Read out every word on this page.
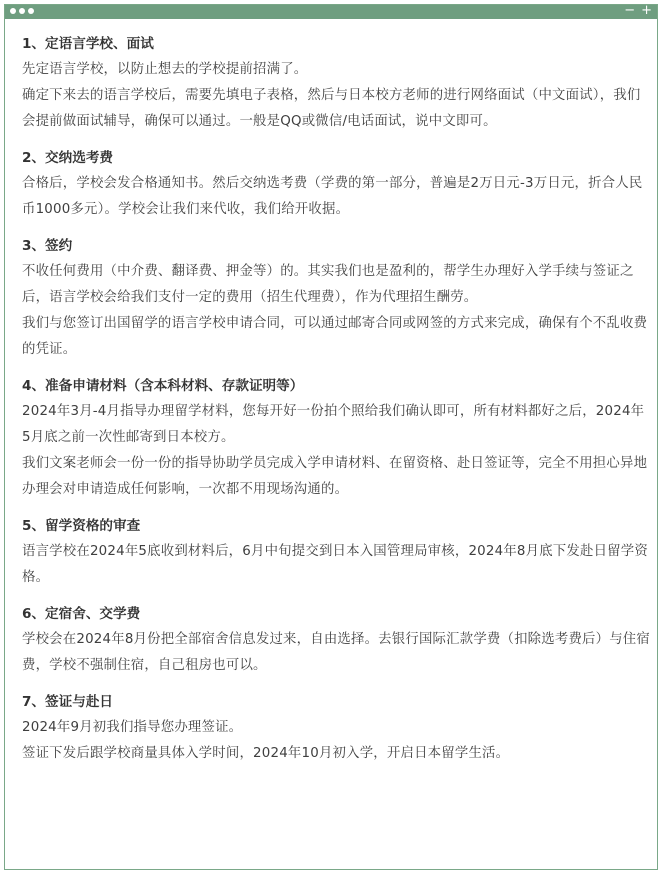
− +
1、定语言学校、面试

先定语言学校，以防止想去的学校提前招满了。

确定下来去的语言学校后，需要先填电子表格，然后与日本校方老师的进行网络面试（中文面试），我们会提前做面试辅导，确保可以通过。一般是QQ或微信/电话面试，说中文即可。

2、交纳选考费

合格后，学校会发合格通知书。然后交纳选考费（学费的第一部分，普遍是2万日元-3万日元，折合人民币1000多元）。学校会让我们来代收，我们给开收据。

3、签约

不收任何费用（中介费、翻译费、押金等）的。其实我们也是盈利的，帮学生办理好入学手续与签证之后，语言学校会给我们支付一定的费用（招生代理费），作为代理招生酬劳。

我们与您签订出国留学的语言学校申请合同，可以通过邮寄合同或网签的方式来完成，确保有个不乱收费的凭证。

4、准备申请材料（含本科材料、存款证明等）

2024年3月-4月指导办理留学材料，您每开好一份拍个照给我们确认即可，所有材料都好之后，2024年5月底之前一次性邮寄到日本校方。

我们文案老师会一份一份的指导协助学员完成入学申请材料、在留资格、赴日签证等，完全不用担心异地办理会对申请造成任何影响，一次都不用现场沟通的。

5、留学资格的审查

语言学校在2024年5底收到材料后，6月中旬提交到日本入国管理局审核，2024年8月底下发赴日留学资格。

6、定宿舍、交学费

学校会在2024年8月份把全部宿舍信息发过来，自由选择。去银行国际汇款学费（扣除选考费后）与住宿费，学校不强制住宿，自己租房也可以。

7、签证与赴日

2024年9月初我们指导您办理签证。

签证下发后跟学校商量具体入学时间，2024年10月初入学，开启日本留学生活。
